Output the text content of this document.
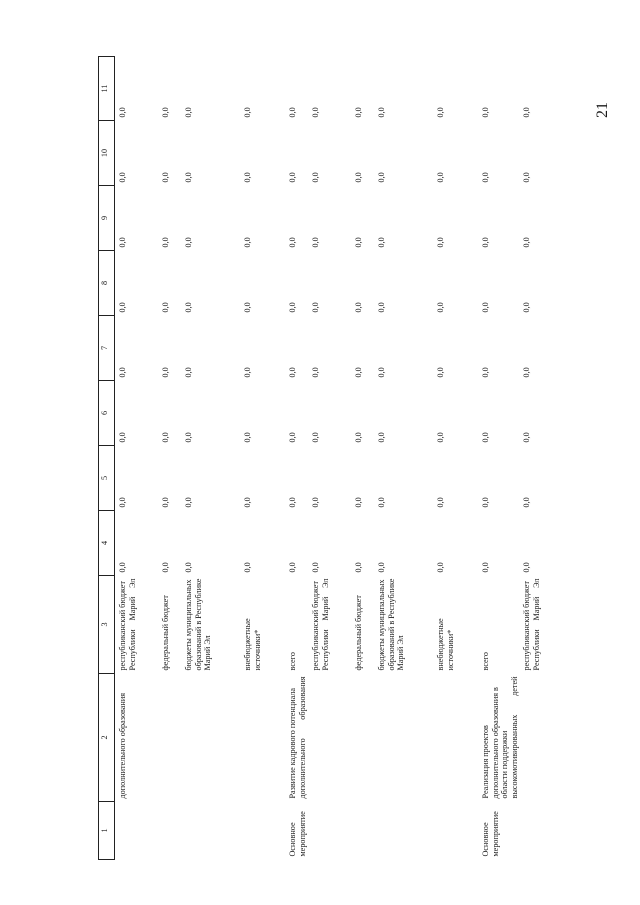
21
1	2	3	4	5	6	7	8	9	10	11
	дополнительного образования	республиканский бюджет Республики Марий Эл	0,0	0,0	0,0	0,0	0,0	0,0	0,0	0,0
		федеральный бюджет	0,0	0,0	0,0	0,0	0,0	0,0	0,0	0,0
		бюджеты муниципальных образований в Республике Марий Эл	0,0	0,0	0,0	0,0	0,0	0,0	0,0	0,0
		внебюджетные источники*	0,0	0,0	0,0	0,0	0,0	0,0	0,0	0,0
Основное мероприятие	Развитие кадрового потенциала дополнительного образования	всего	0,0	0,0	0,0	0,0	0,0	0,0	0,0	0,0
		республиканский бюджет Республики Марий Эл	0,0	0,0	0,0	0,0	0,0	0,0	0,0	0,0
		федеральный бюджет	0,0	0,0	0,0	0,0	0,0	0,0	0,0	0,0
		бюджеты муниципальных образований в Республике Марий Эл	0,0	0,0	0,0	0,0	0,0	0,0	0,0	0,0
		внебюджетные источники*	0,0	0,0	0,0	0,0	0,0	0,0	0,0	0,0
Основное мероприятие	Реализация проектов дополнительного образования в области поддержки высокомотивированных детей	всего	0,0	0,0	0,0	0,0	0,0	0,0	0,0	0,0
		республиканский бюджет Республики Марий Эл	0,0	0,0	0,0	0,0	0,0	0,0	0,0	0,0
